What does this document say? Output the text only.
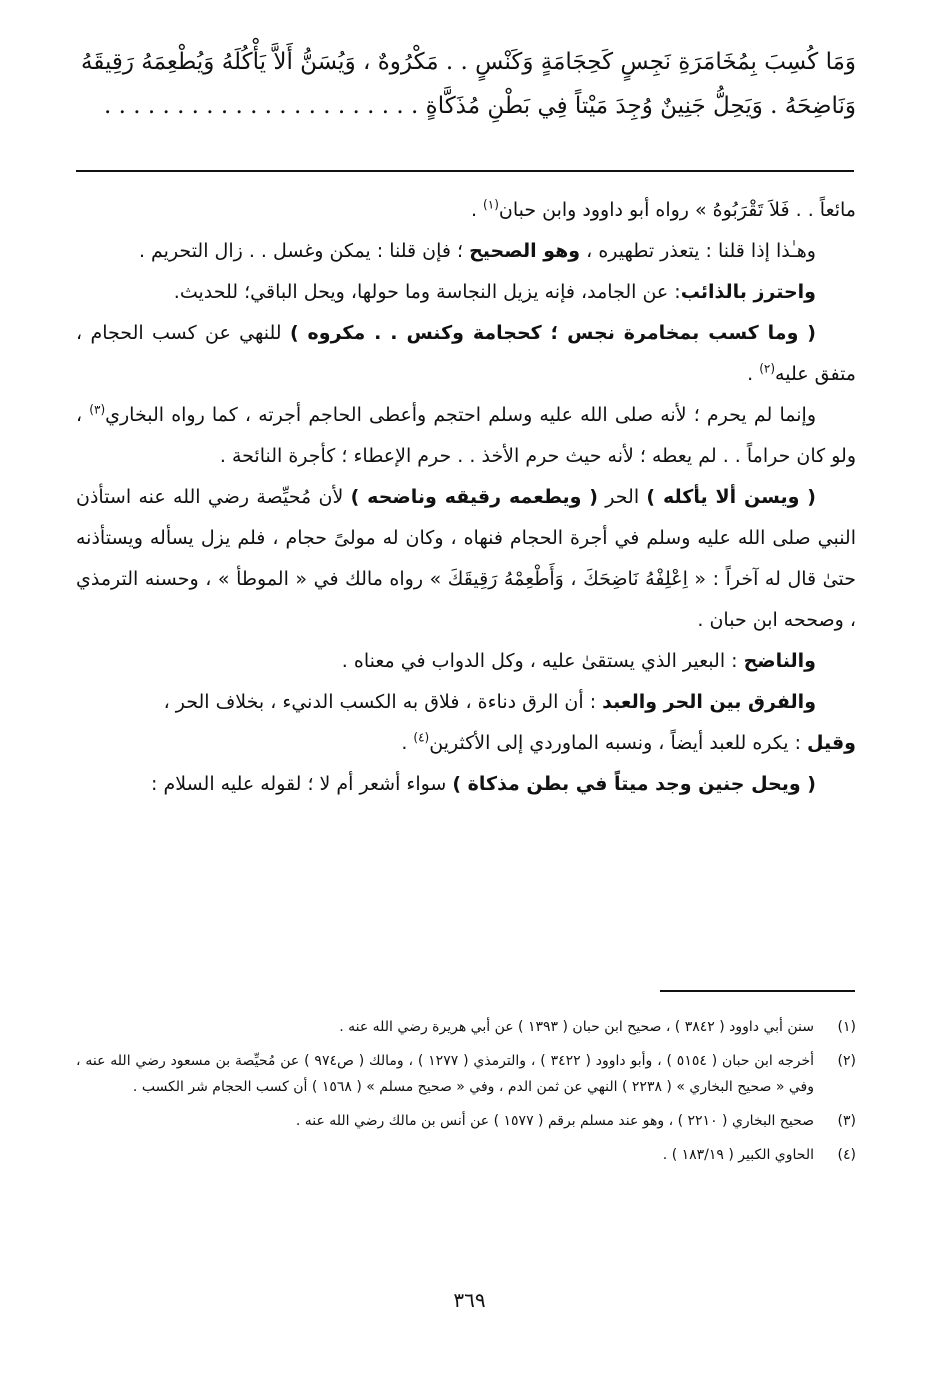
وَمَا كُسِبَ بِمُخَامَرَةِ نَجِسٍ كَحِجَامَةٍ وَكَنْسٍ . . مَكْرُوهٌ ، وَيُسَنُّ أَلاَّ يَأْكُلَهُ وَيُطْعِمَهُ رَقِيقَهُ

وَنَاضِحَهُ . وَيَحِلُّ جَنِينٌ وُجِدَ مَيْتاً فِي بَطْنِ مُذَكَّاةٍ . . . . . . . . . . . . . . . . . . . . . .

مائعاً . . فَلاَ تَقْرَبُوهُ » رواه أبو داوود وابن حبان$^{(١)}$ .

وهـٰذا إذا قلنا : يتعذر تطهيره ، وهو الصحيح ؛ فإن قلنا : يمكن وغسل . . زال التحريم .

واحترز بالذائب: عن الجامد، فإنه يزيل النجاسة وما حولها، ويحل الباقي؛ للحديث.

( وما كسب بمخامرة نجس ؛ كحجامة وكنس . . مكروه ) للنهي عن كسب الحجام ، متفق عليه$^{(٢)}$ .

وإنما لم يحرم ؛ لأنه صلى الله عليه وسلم احتجم وأعطى الحاجم أجرته ، كما رواه البخاري$^{(٣)}$ ، ولو كان حراماً . . لم يعطه ؛ لأنه حيث حرم الأخذ . . حرم الإعطاء ؛ كأجرة النائحة .

( ويسن ألا يأكله ) الحر ( ويطعمه رقيقه وناضحه ) لأن مُحيِّصة رضي الله عنه استأذن النبي صلى الله عليه وسلم في أجرة الحجام فنهاه ، وكان له مولىً حجام ، فلم يزل يسأله ويستأذنه حتىٰ قال له آخراً : « اِعْلِفْهُ نَاضِحَكَ ، وَأَطْعِمْهُ رَقِيقَكَ » رواه مالك في « الموطأ » ، وحسنه الترمذي ، وصححه ابن حبان .

والناضح : البعير الذي يستقىٰ عليه ، وكل الدواب في معناه .

والفرق بين الحر والعبد : أن الرق دناءة ، فلاق به الكسب الدنيء ، بخلاف الحر ،

وقيل : يكره للعبد أيضاً ، ونسبه الماوردي إلى الأكثرين$^{(٤)}$ .

( ويحل جنين وجد ميتاً في بطن مذكاة ) سواء أشعر أم لا ؛ لقوله عليه السلام :

(١)
سنن أبي داوود ( ٣٨٤٢ ) ، صحيح ابن حبان ( ١٣٩٣ ) عن أبي هريرة رضي الله عنه .
(٢)
أخرجه ابن حبان ( ٥١٥٤ ) ، وأبو داوود ( ٣٤٢٢ ) ، والترمذي ( ١٢٧٧ ) ، ومالك ( ص٩٧٤ ) عن مُحيِّصة بن مسعود رضي الله عنه ، وفي « صحيح البخاري » ( ٢٢٣٨ ) النهي عن ثمن الدم ، وفي « صحيح مسلم » ( ١٥٦٨ ) أن كسب الحجام شر الكسب .
(٣)
صحيح البخاري ( ٢٢١٠ ) ، وهو عند مسلم برقم ( ١٥٧٧ ) عن أنس بن مالك رضي الله عنه .
(٤)
الحاوي الكبير ( ١٨٣/١٩ ) .
٣٦٩
